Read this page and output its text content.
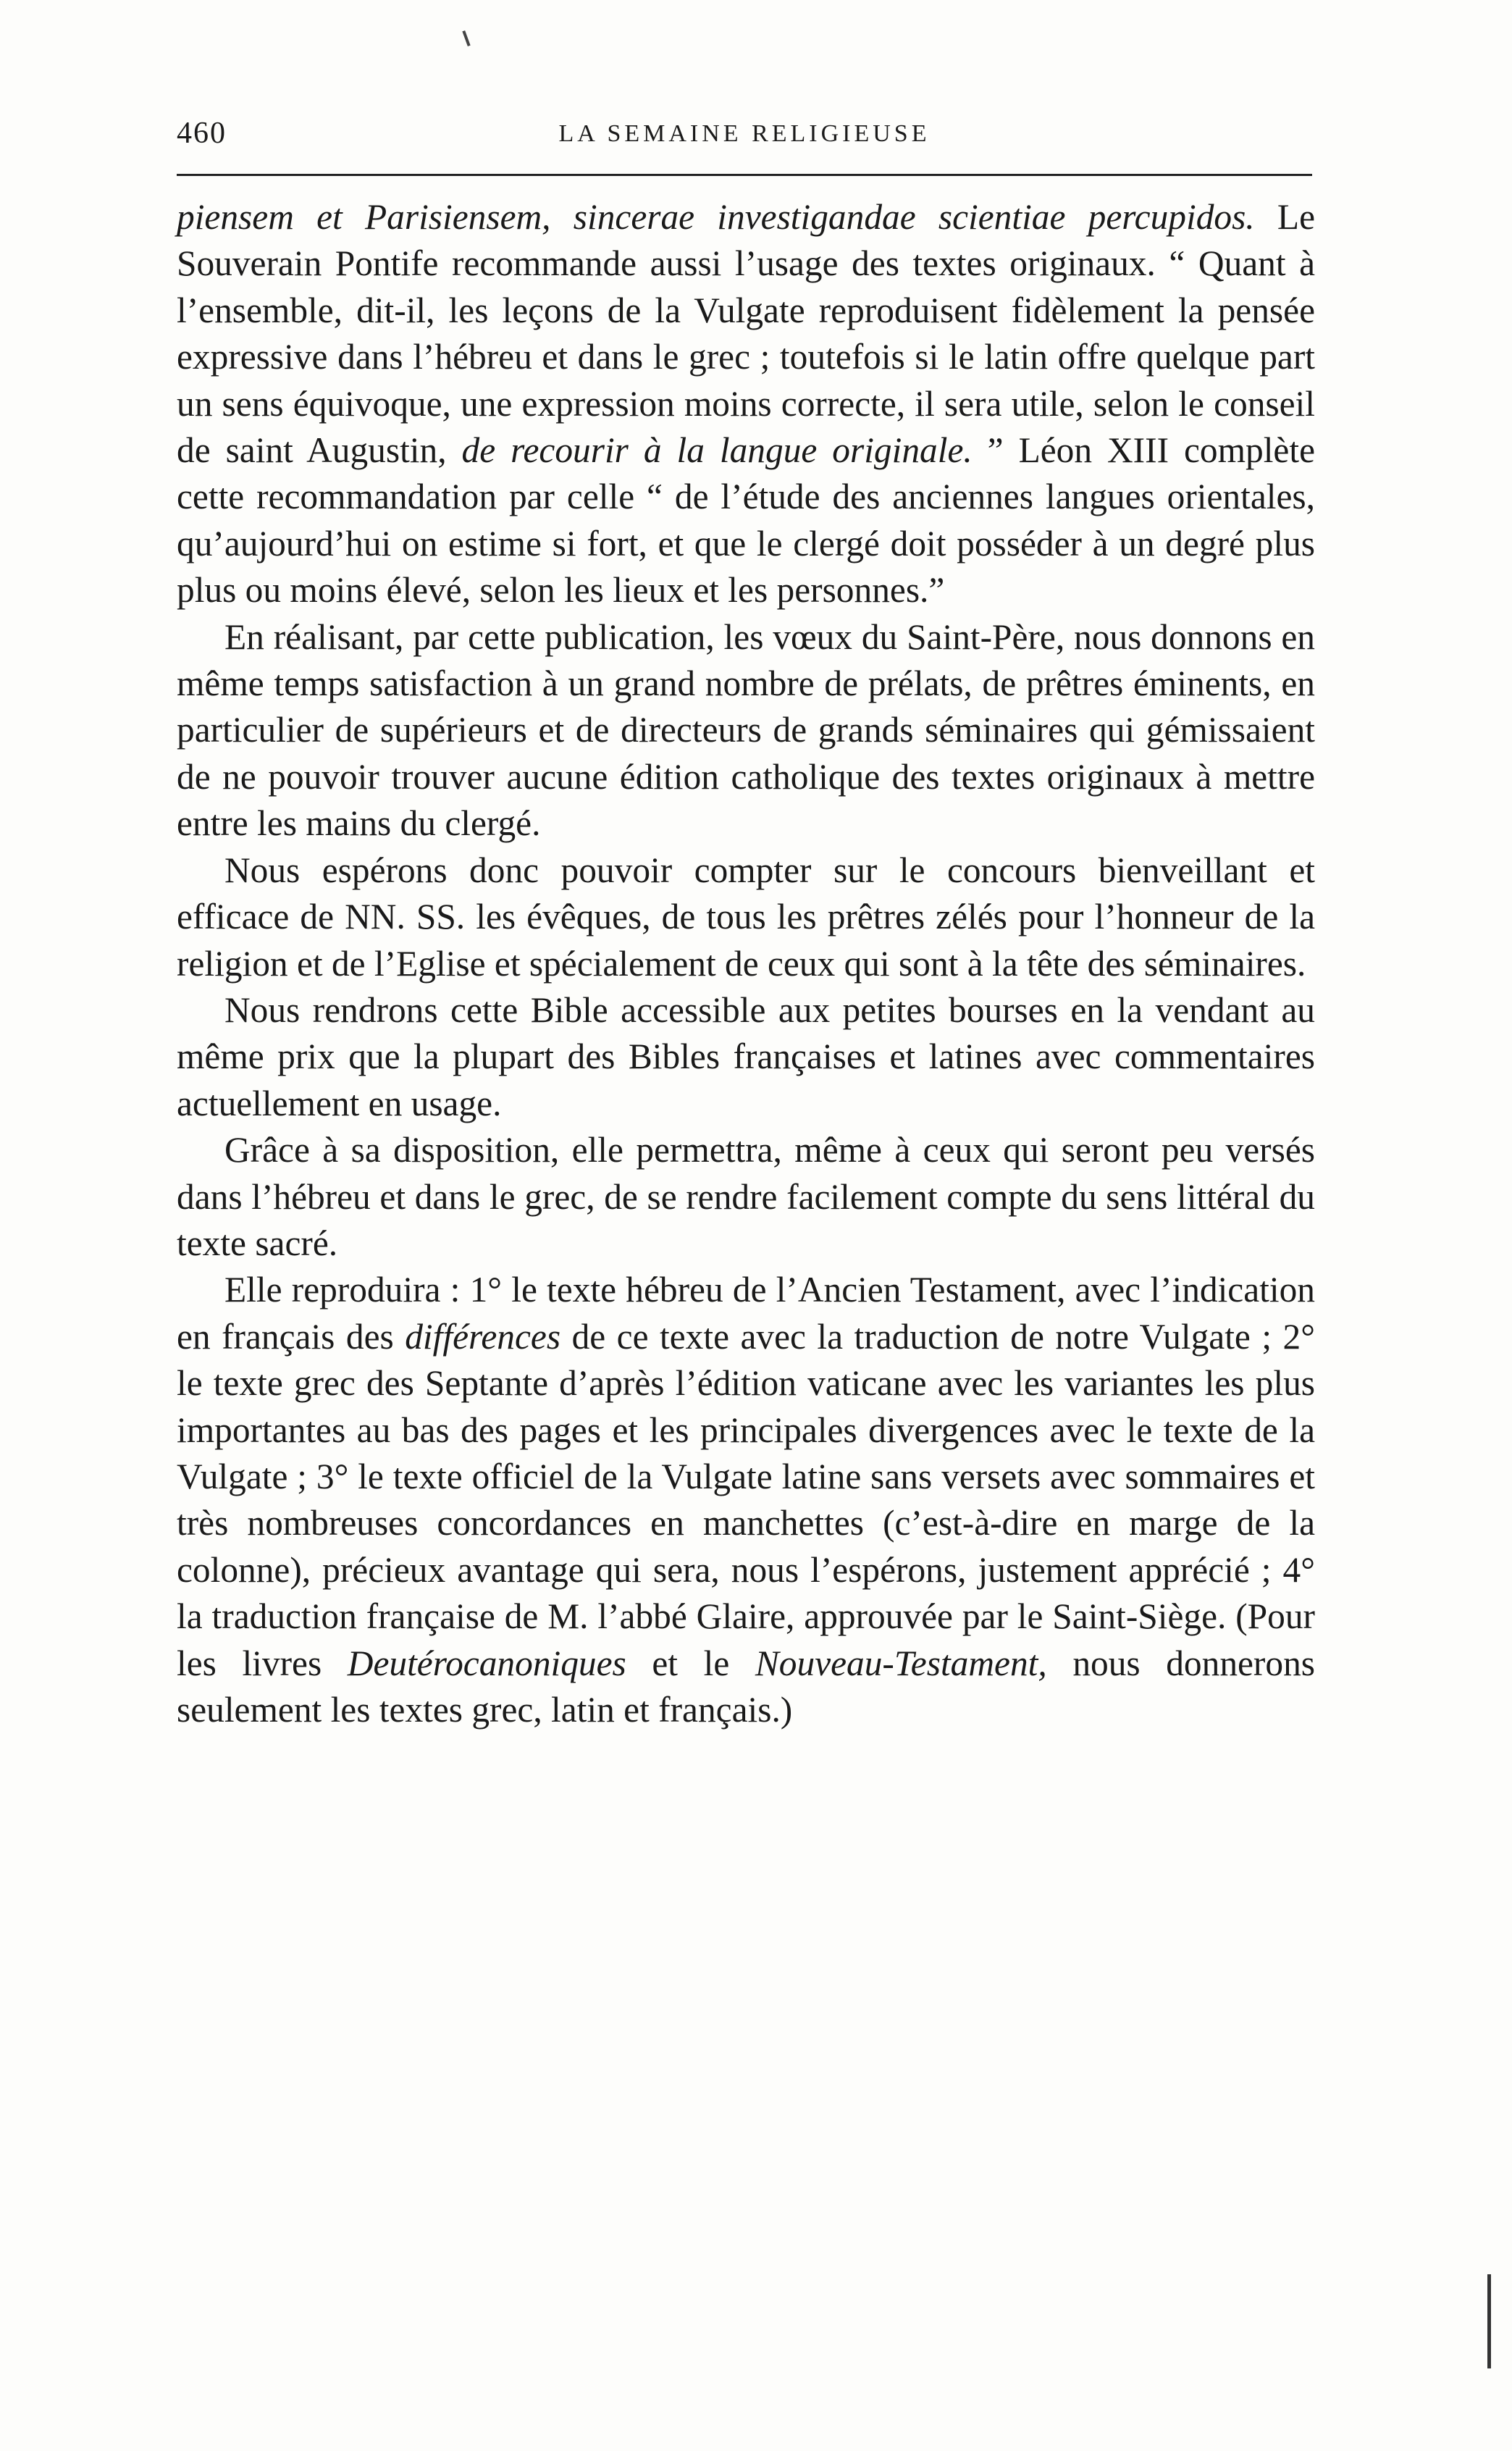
460	LA SEMAINE RELIGIEUSE

piensem et Parisiensem, sincerae investigandae scientiae percupidos. Le Souverain Pontife recommande aussi l’usage des textes originaux. “ Quant à l’ensemble, dit-il, les leçons de la Vulgate reproduisent fidèlement la pensée expressive dans l’hébreu et dans le grec ; toutefois si le latin offre quelque part un sens équivoque, une expression moins correcte, il sera utile, selon le conseil de saint Augustin, de recourir à la langue originale. ” Léon XIII complète cette recommandation par celle “ de l’étude des anciennes langues orientales, qu’aujourd’hui on estime si fort, et que le clergé doit posséder à un degré plus plus ou moins élevé, selon les lieux et les personnes.”

En réalisant, par cette publication, les vœux du Saint-Père, nous donnons en même temps satisfaction à un grand nombre de prélats, de prêtres éminents, en particulier de supérieurs et de directeurs de grands séminaires qui gémissaient de ne pouvoir trouver aucune édition catholique des textes originaux à mettre entre les mains du clergé.

Nous espérons donc pouvoir compter sur le concours bienveillant et efficace de NN. SS. les évêques, de tous les prêtres zélés pour l’honneur de la religion et de l’Eglise et spécialement de ceux qui sont à la tête des séminaires.

Nous rendrons cette Bible accessible aux petites bourses en la vendant au même prix que la plupart des Bibles françaises et latines avec commentaires actuellement en usage.

Grâce à sa disposition, elle permettra, même à ceux qui seront peu versés dans l’hébreu et dans le grec, de se rendre facilement compte du sens littéral du texte sacré.

Elle reproduira : 1° le texte hébreu de l’Ancien Testament, avec l’indication en français des différences de ce texte avec la traduction de notre Vulgate ; 2° le texte grec des Septante d’après l’édition vaticane avec les variantes les plus importantes au bas des pages et les principales divergences avec le texte de la Vulgate ; 3° le texte officiel de la Vulgate latine sans versets avec sommaires et très nombreuses concordances en manchettes (c’est-à-dire en marge de la colonne), précieux avantage qui sera, nous l’espérons, justement apprécié ; 4° la traduction française de M. l’abbé Glaire, approuvée par le Saint-Siège. (Pour les livres Deutérocanoniques et le Nouveau-Testament, nous donnerons seulement les textes grec, latin et français.)
